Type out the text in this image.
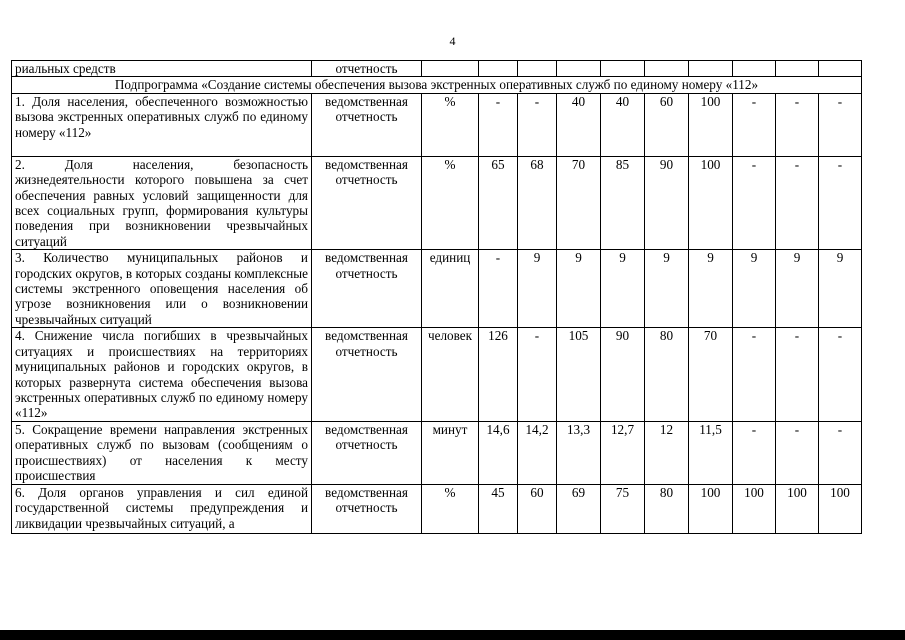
4
риальных средств	отчетность										
Подпрограмма «Создание системы обеспечения вызова экстренных оперативных служб по единому номеру «112»											
1. Доля населения, обеспеченного возможностью вызова экстренных оперативных служб по единому номеру «112»	ведомственная отчетность	%	-	-	40	40	60	100	-	-	-
2. Доля населения, безопасность жизнедеятельности которого повышена за счет обеспечения равных условий защищенности для всех социальных групп, формирования культуры поведения при возникновении чрезвычайных ситуаций	ведомственная отчетность	%	65	68	70	85	90	100	-	-	-
3. Количество муниципальных районов и городских округов, в которых созданы комплексные системы экстренного оповещения населения об угрозе возникновения или о возникновении чрезвычайных ситуаций	ведомственная отчетность	единиц	-	9	9	9	9	9	9	9	9
4. Снижение числа погибших в чрезвычайных ситуациях и происшествиях на территориях муниципальных районов и городских округов, в которых развернута система обеспечения вызова экстренных оперативных служб по единому номеру «112»	ведомственная отчетность	человек	126	-	105	90	80	70	-	-	-
5. Сокращение времени направления экстренных оперативных служб по вызовам (сообщениям о происшествиях) от населения к месту происшествия	ведомственная отчетность	минут	14,6	14,2	13,3	12,7	12	11,5	-	-	-
6. Доля органов управления и сил единой государственной системы предупреждения и ликвидации чрезвычайных ситуаций, а	ведомственная отчетность	%	45	60	69	75	80	100	100	100	100
